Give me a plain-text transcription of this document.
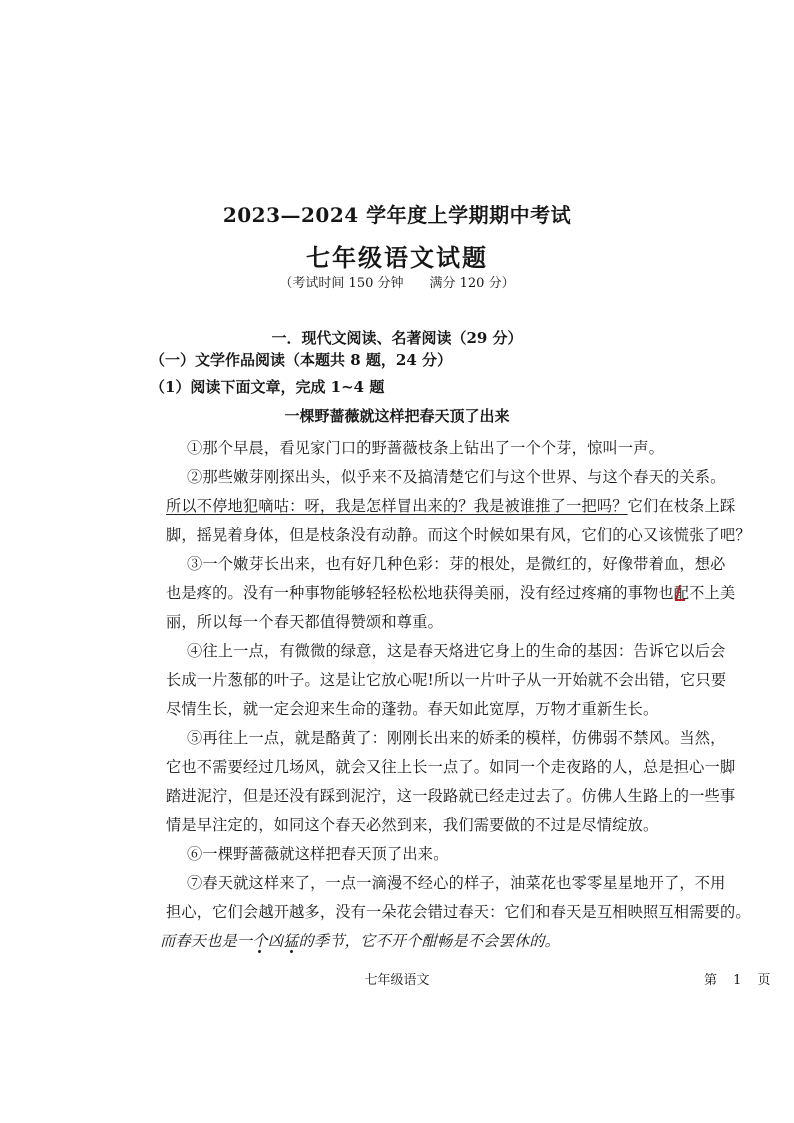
2023—2024 学年度上学期期中考试
七年级语文试题
（考试时间 150 分钟　　满分 120 分）
一．现代文阅读、名著阅读（29 分）
（一）文学作品阅读（本题共 8 题，24 分）
（1）阅读下面文章，完成 1~4 题
一棵野蔷薇就这样把春天顶了出来
①那个早晨，看见家门口的野蔷薇枝条上钻出了一个个芽，惊叫一声。
②那些嫩芽刚探出头，似乎来不及搞清楚它们与这个世界、与这个春天的关系。
所以不停地犯嘀咕：呀，我是怎样冒出来的？我是被谁推了一把吗？它们在枝条上踩
脚，摇晃着身体，但是枝条没有动静。而这个时候如果有风，它们的心又该慌张了吧？
③一个嫩芽长出来，也有好几种色彩：芽的根处，是微红的，好像带着血，想必
也是疼的。没有一种事物能够轻轻松松地获得美丽，没有经过疼痛的事物也配不上美
丽，所以每一个春天都值得赞颂和尊重。
④往上一点，有微微的绿意，这是春天烙进它身上的生命的基因：告诉它以后会
长成一片葱郁的叶子。这是让它放心呢!所以一片叶子从一开始就不会出错，它只要
尽情生长，就一定会迎来生命的蓬勃。春天如此宽厚，万物才重新生长。
⑤再往上一点，就是酪黄了：刚刚长出来的娇柔的模样，仿佛弱不禁风。当然，
它也不需要经过几场风，就会又往上长一点了。如同一个走夜路的人，总是担心一脚
踏进泥泞，但是还没有踩到泥泞，这一段路就已经走过去了。仿佛人生路上的一些事
情是早注定的，如同这个春天必然到来，我们需要做的不过是尽情绽放。
⑥一棵野蔷薇就这样把春天顶了出来。
⑦春天就这样来了，一点一滴漫不经心的样子，油菜花也零零星星地开了，不用
担心，它们会越开越多，没有一朵花会错过春天：它们和春天是互相映照互相需要的。
而春天也是一个凶猛的季节，它不开个酣畅是不会罢休的。
七年级语文	第 1 页
